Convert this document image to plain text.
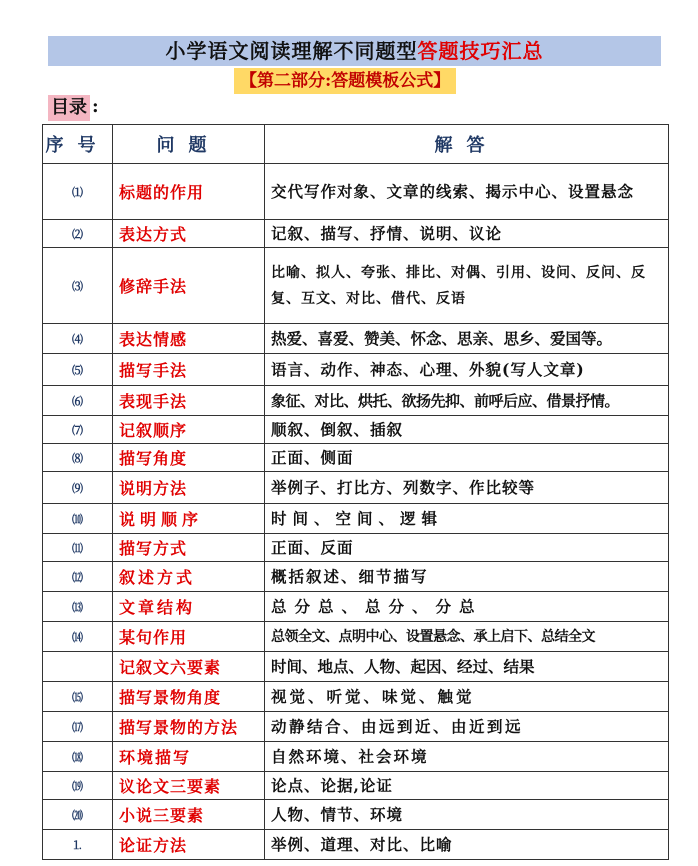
小学语文阅读理解不同题型答题技巧汇总
【第二部分:答题模板公式】
目录 :
序号	问题	解答
⑴	标题的作用	交代写作对象、文章的线索、揭示中心、设置悬念
⑵	表达方式	记叙、描写、抒情、说明、议论
⑶	修辞手法	比喻、拟人、夸张、排比、对偶、引用、设问、反问、反复、互文、对比、借代、反语
⑷	表达情感	热爱、喜爱、赞美、怀念、思亲、思乡、爱国等。
⑸	描写手法	语言、动作、神态、心理、外貌(写人文章)
⑹	表现手法	象征、对比、烘托、欲扬先抑、前呼后应、借景抒情。
⑺	记叙顺序	顺叙、倒叙、插叙
⑻	描写角度	正面、侧面
⑼	说明方法	举例子、打比方、列数字、作比较等
⑽	说明顺序	时间、空间、逻辑
⑾	描写方式	正面、反面
⑿	叙述方式	概括叙述、细节描写
⒀	文章结构	总分总、总分、分总
⒁	某句作用	总领全文、点明中心、设置悬念、承上启下、总结全文
	记叙文六要素	时间、地点、人物、起因、经过、结果
⒂	描写景物角度	视觉、听觉、味觉、触觉
⒄	描写景物的方法	动静结合、由远到近、由近到远
⒅	环境描写	自然环境、社会环境
⒆	议论文三要素	论点、论据,论证
⒇	小说三要素	人物、情节、环境
⒈	论证方法	举例、道理、对比、比喻
